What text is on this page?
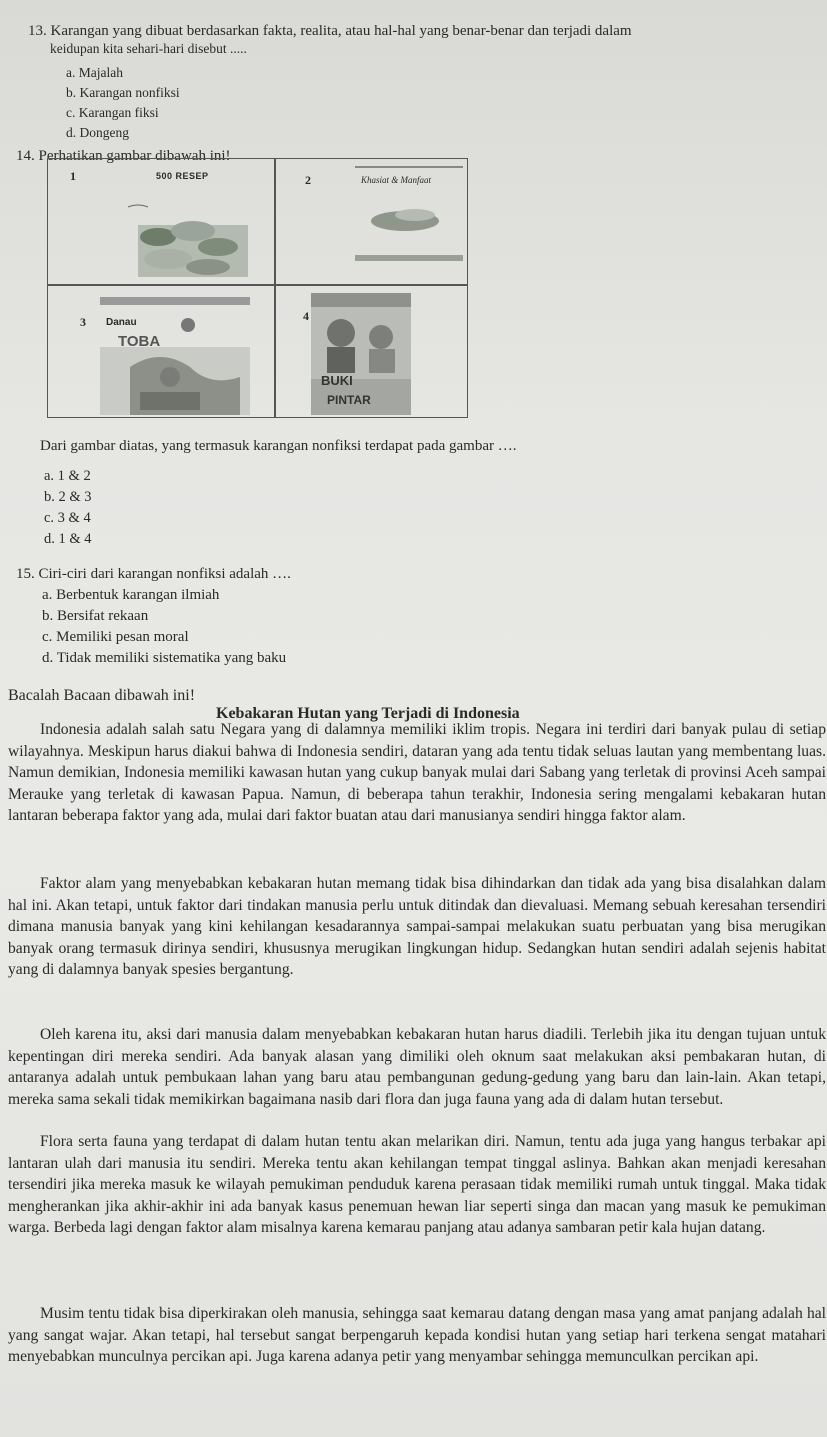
13. Karangan yang dibuat berdasarkan fakta, realita, atau hal-hal yang benar-benar dan terjadi dalam
keidupan kita sehari-hari disebut .....
a. Majalah
b. Karangan nonfiksi
c. Karangan fiksi
d. Dongeng
14. Perhatikan gambar dibawah ini!
1	500 RESEP	2	Khasiat & Manfaat
3 Danau
TOBA
4
BUKI
PINTAR
Dari gambar diatas, yang termasuk karangan nonfiksi terdapat pada gambar ….
a. 1 & 2
b. 2 & 3
c. 3 & 4
d. 1 & 4
15. Ciri-ciri dari karangan nonfiksi adalah ….
a. Berbentuk karangan ilmiah
b. Bersifat rekaan
c. Memiliki pesan moral
d. Tidak memiliki sistematika yang baku
Bacalah Bacaan dibawah ini!
Kebakaran Hutan yang Terjadi di Indonesia
Indonesia adalah salah satu Negara yang di dalamnya memiliki iklim tropis. Negara ini terdiri dari banyak pulau di setiap wilayahnya. Meskipun harus diakui bahwa di Indonesia sendiri, dataran yang ada tentu tidak seluas lautan yang membentang luas. Namun demikian, Indonesia memiliki kawasan hutan yang cukup banyak mulai dari Sabang yang terletak di provinsi Aceh sampai Merauke yang terletak di kawasan Papua. Namun, di beberapa tahun terakhir, Indonesia sering mengalami kebakaran hutan lantaran beberapa faktor yang ada, mulai dari faktor buatan atau dari manusianya sendiri hingga faktor alam.
Faktor alam yang menyebabkan kebakaran hutan memang tidak bisa dihindarkan dan tidak ada yang bisa disalahkan dalam hal ini. Akan tetapi, untuk faktor dari tindakan manusia perlu untuk ditindak dan dievaluasi. Memang sebuah keresahan tersendiri dimana manusia banyak yang kini kehilangan kesadarannya sampai-sampai melakukan suatu perbuatan yang bisa merugikan banyak orang termasuk dirinya sendiri, khususnya merugikan lingkungan hidup. Sedangkan hutan sendiri adalah sejenis habitat yang di dalamnya banyak spesies bergantung.
Oleh karena itu, aksi dari manusia dalam menyebabkan kebakaran hutan harus diadili. Terlebih jika itu dengan tujuan untuk kepentingan diri mereka sendiri. Ada banyak alasan yang dimiliki oleh oknum saat melakukan aksi pembakaran hutan, di antaranya adalah untuk pembukaan lahan yang baru atau pembangunan gedung-gedung yang baru dan lain-lain. Akan tetapi, mereka sama sekali tidak memikirkan bagaimana nasib dari flora dan juga fauna yang ada di dalam hutan tersebut.
Flora serta fauna yang terdapat di dalam hutan tentu akan melarikan diri. Namun, tentu ada juga yang hangus terbakar api lantaran ulah dari manusia itu sendiri. Mereka tentu akan kehilangan tempat tinggal aslinya. Bahkan akan menjadi keresahan tersendiri jika mereka masuk ke wilayah pemukiman penduduk karena perasaan tidak memiliki rumah untuk tinggal. Maka tidak mengherankan jika akhir-akhir ini ada banyak kasus penemuan hewan liar seperti singa dan macan yang masuk ke pemukiman warga. Berbeda lagi dengan faktor alam misalnya karena kemarau panjang atau adanya sambaran petir kala hujan datang.
Musim tentu tidak bisa diperkirakan oleh manusia, sehingga saat kemarau datang dengan masa yang amat panjang adalah hal yang sangat wajar. Akan tetapi, hal tersebut sangat berpengaruh kepada kondisi hutan yang setiap hari terkena sengat matahari menyebabkan munculnya percikan api. Juga karena adanya petir yang menyambar sehingga memunculkan percikan api.
